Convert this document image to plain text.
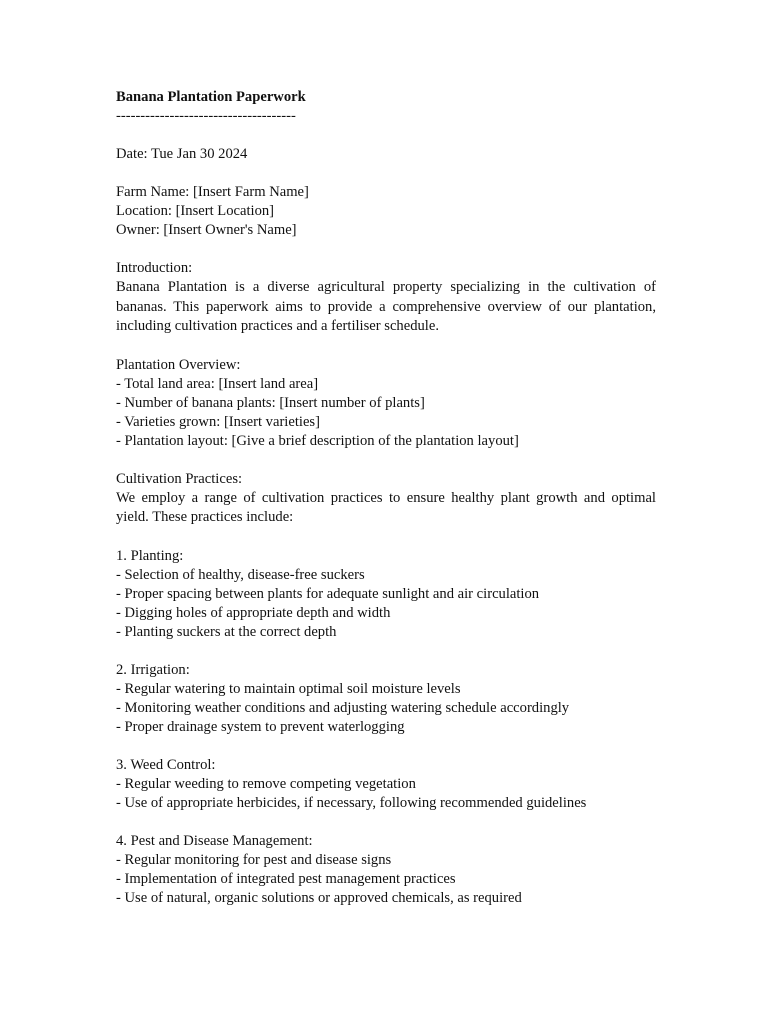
Banana Plantation Paperwork
-------------------------------------
Date: Tue Jan 30 2024
Farm Name: [Insert Farm Name]
Location: [Insert Location]
Owner: [Insert Owner's Name]
Introduction:
Banana Plantation is a diverse agricultural property specializing in the cultivation of bananas. This paperwork aims to provide a comprehensive overview of our plantation, including cultivation practices and a fertiliser schedule.
Plantation Overview:
- Total land area: [Insert land area]
- Number of banana plants: [Insert number of plants]
- Varieties grown: [Insert varieties]
- Plantation layout: [Give a brief description of the plantation layout]
Cultivation Practices:
We employ a range of cultivation practices to ensure healthy plant growth and optimal yield. These practices include:
1. Planting:
- Selection of healthy, disease-free suckers
- Proper spacing between plants for adequate sunlight and air circulation
- Digging holes of appropriate depth and width
- Planting suckers at the correct depth
2. Irrigation:
- Regular watering to maintain optimal soil moisture levels
- Monitoring weather conditions and adjusting watering schedule accordingly
- Proper drainage system to prevent waterlogging
3. Weed Control:
- Regular weeding to remove competing vegetation
- Use of appropriate herbicides, if necessary, following recommended guidelines
4. Pest and Disease Management:
- Regular monitoring for pest and disease signs
- Implementation of integrated pest management practices
- Use of natural, organic solutions or approved chemicals, as required
